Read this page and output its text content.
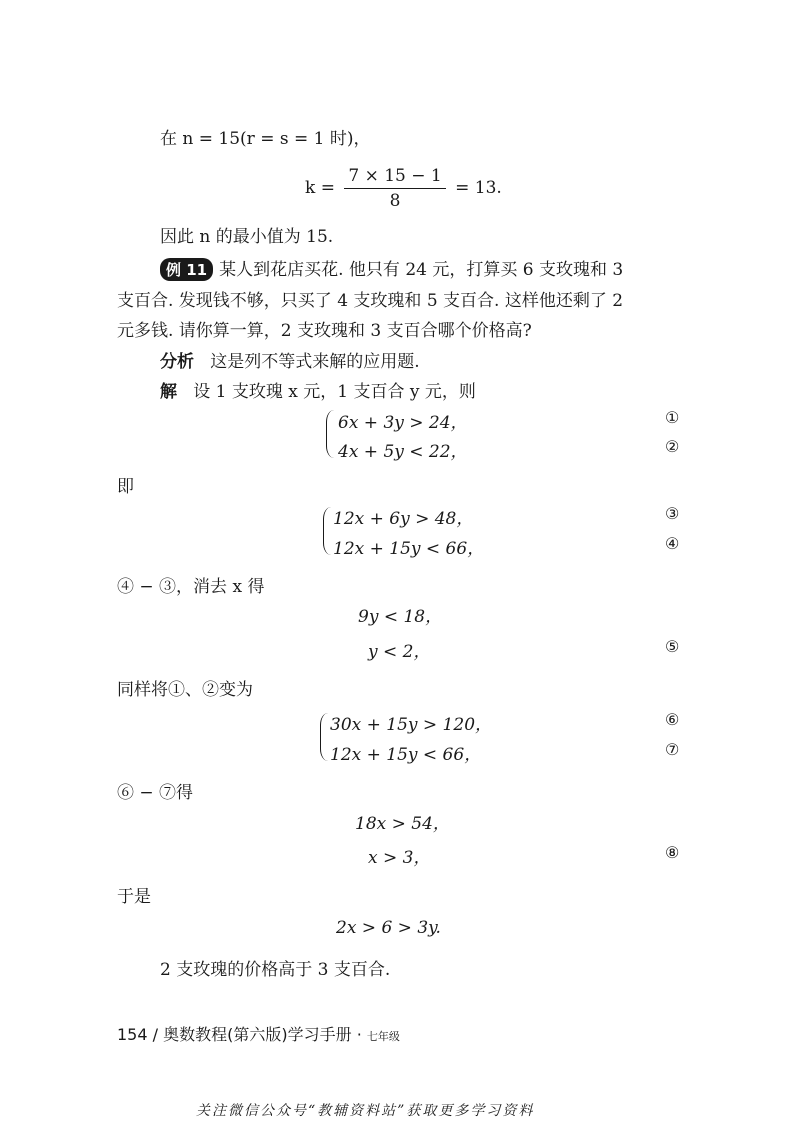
在 n = 15(r = s = 1 时)，
$k = \frac{7 \times 15 - 1}{8} = 13$.
因此 n 的最小值为 15.
例 11 某人到花店买花. 他只有 24 元，打算买 6 支玫瑰和 3
支百合. 发现钱不够，只买了 4 支玫瑰和 5 支百合. 这样他还剩了 2
元多钱. 请你算一算，2 支玫瑰和 3 支百合哪个价格高?
分析 这是列不等式来解的应用题.
解 设 1 支玫瑰 x 元，1 支百合 y 元，则
6x + 3y > 24，
4x + 5y < 22，
①
②
即
12x + 6y > 48，
12x + 15y < 66，
③
④
④ − ③，消去 x 得
9y < 18，
y < 2，	⑤
同样将①、②变为
30x + 15y > 120，
12x + 15y < 66，
⑥
⑦
⑥ − ⑦得
18x > 54，
x > 3，	⑧
于是
2x > 6 > 3y.
2 支玫瑰的价格高于 3 支百合.
154 / 奥数教程(第六版)学习手册 · 七年级
关注微信公众号“教辅资料站”获取更多学习资料
